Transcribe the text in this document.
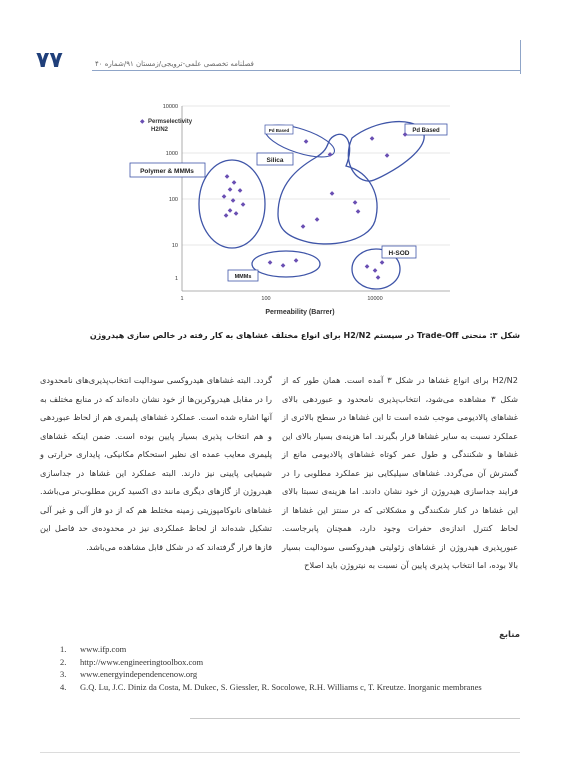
۷۷	فصلنامه تخصصی علمی-ترویجی/زمستان ۹۱/شماره ۴۰
10000
1000
100
10
1
1	100	10000
Permeability (Barrer)
◆ Permselectivity
H2/N2
Polymer & MMMs
Pd Based
Silica
Pd Based
H-SOD
MMMs
◆
◆
◆ ◆
◆
◆
◆
◆ ◆
◆
◆
◆
◆
◆
◆
◆
◆
◆
◆
◆
◆
◆
◆
◆
◆ ◆
◆
شکل ۳: منحنی Trade-Off در سیستم H2/N2 برای انواع مختلف غشاهای به کار رفته در خالص سازی هیدروژن

H2/N2 برای انواع غشاها در شکل ۳ آمده است. همان طور که از شکل ۳ مشاهده می‌شود، انتخاب‌پذیری نامحدود و عبوردهی بالای غشاهای پالادیومی موجب شده است تا این غشاها در سطح بالاتری از عملکرد نسبت به سایر غشاها قرار بگیرند. اما هزینه‌ی بسیار بالای این غشاها و شکنندگی و طول عمر کوتاه غشاهای پالادیومی مانع از گسترش آن می‌گردد. غشاهای سیلیکایی نیز عملکرد مطلوبی را در فرایند جداسازی هیدروژن از خود نشان دادند. اما هزینه‌ی نسبتا بالای این غشاها در کنار شکنندگی و مشکلاتی که در سنتز این غشاها از لحاظ کنترل اندازه‌ی حفرات وجود دارد، همچنان پابرجاست. عبورپذیری هیدروژن از غشاهای زئولیتی هیدروکسی سودالیت بسیار بالا بوده، اما انتخاب پذیری پایین آن نسبت به نیتروژن باید اصلاح

گردد. البته غشاهای هیدروکسی سودالیت انتخاب‌پذیری‌های نامحدودی را در مقابل هیدروکربن‌ها از خود نشان داده‌اند که در منابع مختلف به آنها اشاره شده است. عملکرد غشاهای پلیمری هم از لحاظ عبوردهی و هم انتخاب پذیری بسیار پایین بوده است. ضمن اینکه غشاهای پلیمری معایب عمده ای نظیر استحکام مکانیکی، پایداری حرارتی و شیمیایی پایینی نیز دارند. البته عملکرد این غشاها در جداسازی هیدروژن از گازهای دیگری مانند دی اکسید کربن مطلوب‌تر می‌باشد. غشاهای نانوکامپوزیتی زمینه مختلط هم که از دو فاز آلی و غیر آلی تشکیل شده‌اند از لحاظ عملکردی نیز در محدوده‌ی حد فاصل این فازها قرار گرفته‌اند که در شکل قابل مشاهده می‌باشد.

منابع
1. www.ifp.com
2. http://www.engineeringtoolbox.com
3. www.energyindependencenow.org
4. G.Q. Lu, J.C. Diniz da Costa, M. Dukec, S. Giessler, R. Socolowe, R.H. Williams c, T. Kreutze. Inorganic membranes
